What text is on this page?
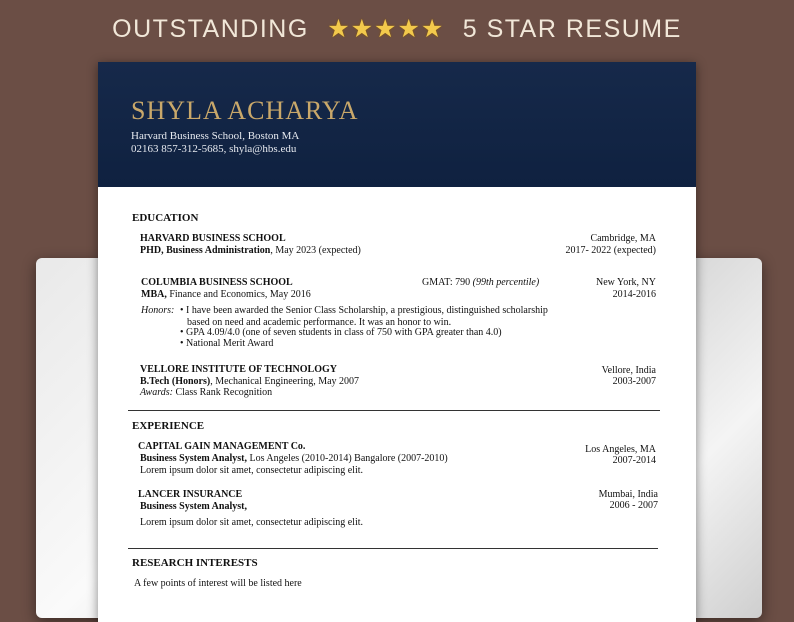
OUTSTANDING ★★★★★ 5 STAR RESUME
SHYLA ACHARYA
Harvard Business School, Boston MA
02163 857-312-5685, shyla@hbs.edu
EDUCATION
HARVARD BUSINESS SCHOOL
PHD, Business Administration, May 2023 (expected)
Cambridge, MA
2017- 2022 (expected)
COLUMBIA BUSINESS SCHOOL	GMAT: 790 (99th percentile)
MBA, Finance and Economics, May 2016
New York, NY
2014-2016
Honors: • I have been awarded the Senior Class Scholarship, a prestigious, distinguished scholarship
based on need and academic performance. It was an honor to win.
• GPA 4.09/4.0 (one of seven students in class of 750 with GPA greater than 4.0)
• National Merit Award
VELLORE INSTITUTE OF TECHNOLOGY
B.Tech (Honors), Mechanical Engineering, May 2007
Awards: Class Rank Recognition
Vellore, India
2003-2007
EXPERIENCE
CAPITAL GAIN MANAGEMENT Co.
Business System Analyst, Los Angeles (2010-2014) Bangalore (2007-2010)
Lorem ipsum dolor sit amet, consectetur adipiscing elit.
Los Angeles, MA
2007-2014
LANCER INSURANCE
Business System Analyst,
Lorem ipsum dolor sit amet, consectetur adipiscing elit.
Mumbai, India
2006 - 2007
RESEARCH INTERESTS
A few points of interest will be listed here
